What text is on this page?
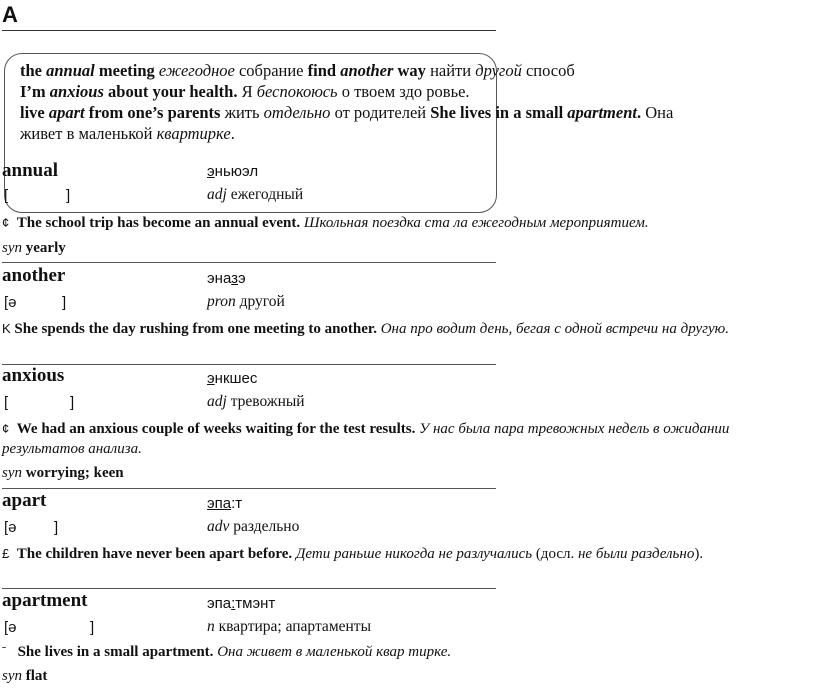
А
the annual meeting ежегодное собрание find another way найти другой способ
I’m anxious about your health. Я беспокоюсь о твоем здо ровье.
live apart from one’s parents жить отдельно от родителей She lives in a small apartment. Она
живет в маленькой квартирке.
annual	эньюэл
[	]	adj ежегодный
¢ The school trip has become an annual event. Школьная поездка ста ла ежегодным мероприятием.
syn yearly
another	эназэ
[ə	]	pron другой
K She spends the day rushing from one meeting to another. Она про водит день, бегая с одной встречи на другую.
anxious	энкшес
[	]	adj тревожный
¢ We had an anxious couple of weeks waiting for the test results. У нас была пара тревожных недель в ожидании результатов анализа.
syn worrying; keen
apart	эпа:т
[ə ]	adv раздельно
£ The children have never been apart before. Дети раньше никогда не разлучались (досл. не были раздельно).
apartment	эпа:тмэнт
[ə	]	n квартира; апартаменты
ˉ She lives in a small apartment. Она живет в маленькой квар тирке.
syn flat
